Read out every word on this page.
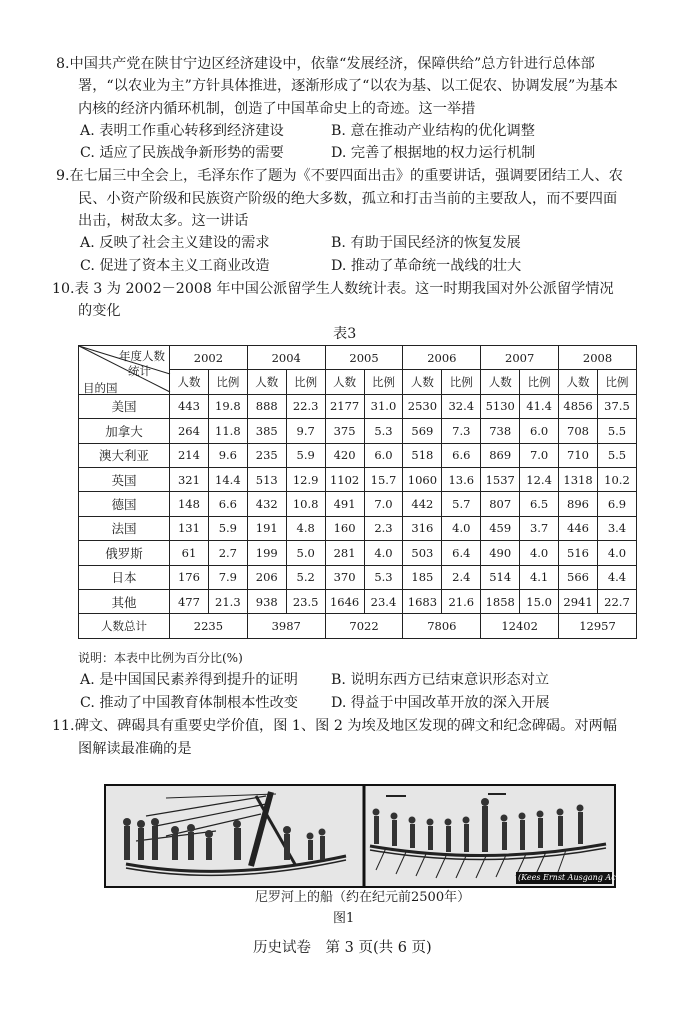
8.中国共产党在陕甘宁边区经济建设中，依靠“发展经济，保障供给”总方针进行总体部
署，“以农业为主”方针具体推进，逐渐形成了“以农为基、以工促农、协调发展”为基本
内核的经济内循环机制，创造了中国革命史上的奇迹。这一举措
A. 表明工作重心转移到经济建设	B. 意在推动产业结构的优化调整
C. 适应了民族战争新形势的需要	D. 完善了根据地的权力运行机制
9.在七届三中全会上，毛泽东作了题为《不要四面出击》的重要讲话，强调要团结工人、农
民、小资产阶级和民族资产阶级的绝大多数，孤立和打击当前的主要敌人，而不要四面
出击，树敌太多。这一讲话
A. 反映了社会主义建设的需求	B. 有助于国民经济的恢复发展
C. 促进了资本主义工商业改造	D. 推动了革命统一战线的壮大
10.表 3 为 2002－2008 年中国公派留学生人数统计表。这一时期我国对外公派留学情况
的变化
表3
年度人数
统计
目的国	2002		2004		2005		2006		2007		2008	
	人数	比例	人数	比例	人数	比例	人数	比例	人数	比例	人数	比例
美国	443	19.8	888	22.3	2177	31.0	2530	32.4	5130	41.4	4856	37.5
加拿大	264	11.8	385	9.7	375	5.3	569	7.3	738	6.0	708	5.5
澳大利亚	214	9.6	235	5.9	420	6.0	518	6.6	869	7.0	710	5.5
英国	321	14.4	513	12.9	1102	15.7	1060	13.6	1537	12.4	1318	10.2
德国	148	6.6	432	10.8	491	7.0	442	5.7	807	6.5	896	6.9
法国	131	5.9	191	4.8	160	2.3	316	4.0	459	3.7	446	3.4
俄罗斯	61	2.7	199	5.0	281	4.0	503	6.4	490	4.0	516	4.0
日本	176	7.9	206	5.2	370	5.3	185	2.4	514	4.1	566	4.4
其他	477	21.3	938	23.5	1646	23.4	1683	21.6	1858	15.0	2941	22.7
人数总计	2235		3987		7022		7806		12402		12957	
说明：本表中比例为百分比(%)
A. 是中国国民素养得到提升的证明 B. 说明东西方已结束意识形态对立
C. 推动了中国教育体制根本性改变 D. 得益于中国改革开放的深入开展
11.碑文、碑碣具有重要史学价值，图 1、图 2 为埃及地区发现的碑文和纪念碑碣。对两幅
图解读最准确的是
(Kees Ernst Ausgang Aches )
尼罗河上的船（约在纪元前2500年）
图1
历史试卷　第 3 页(共 6 页)
